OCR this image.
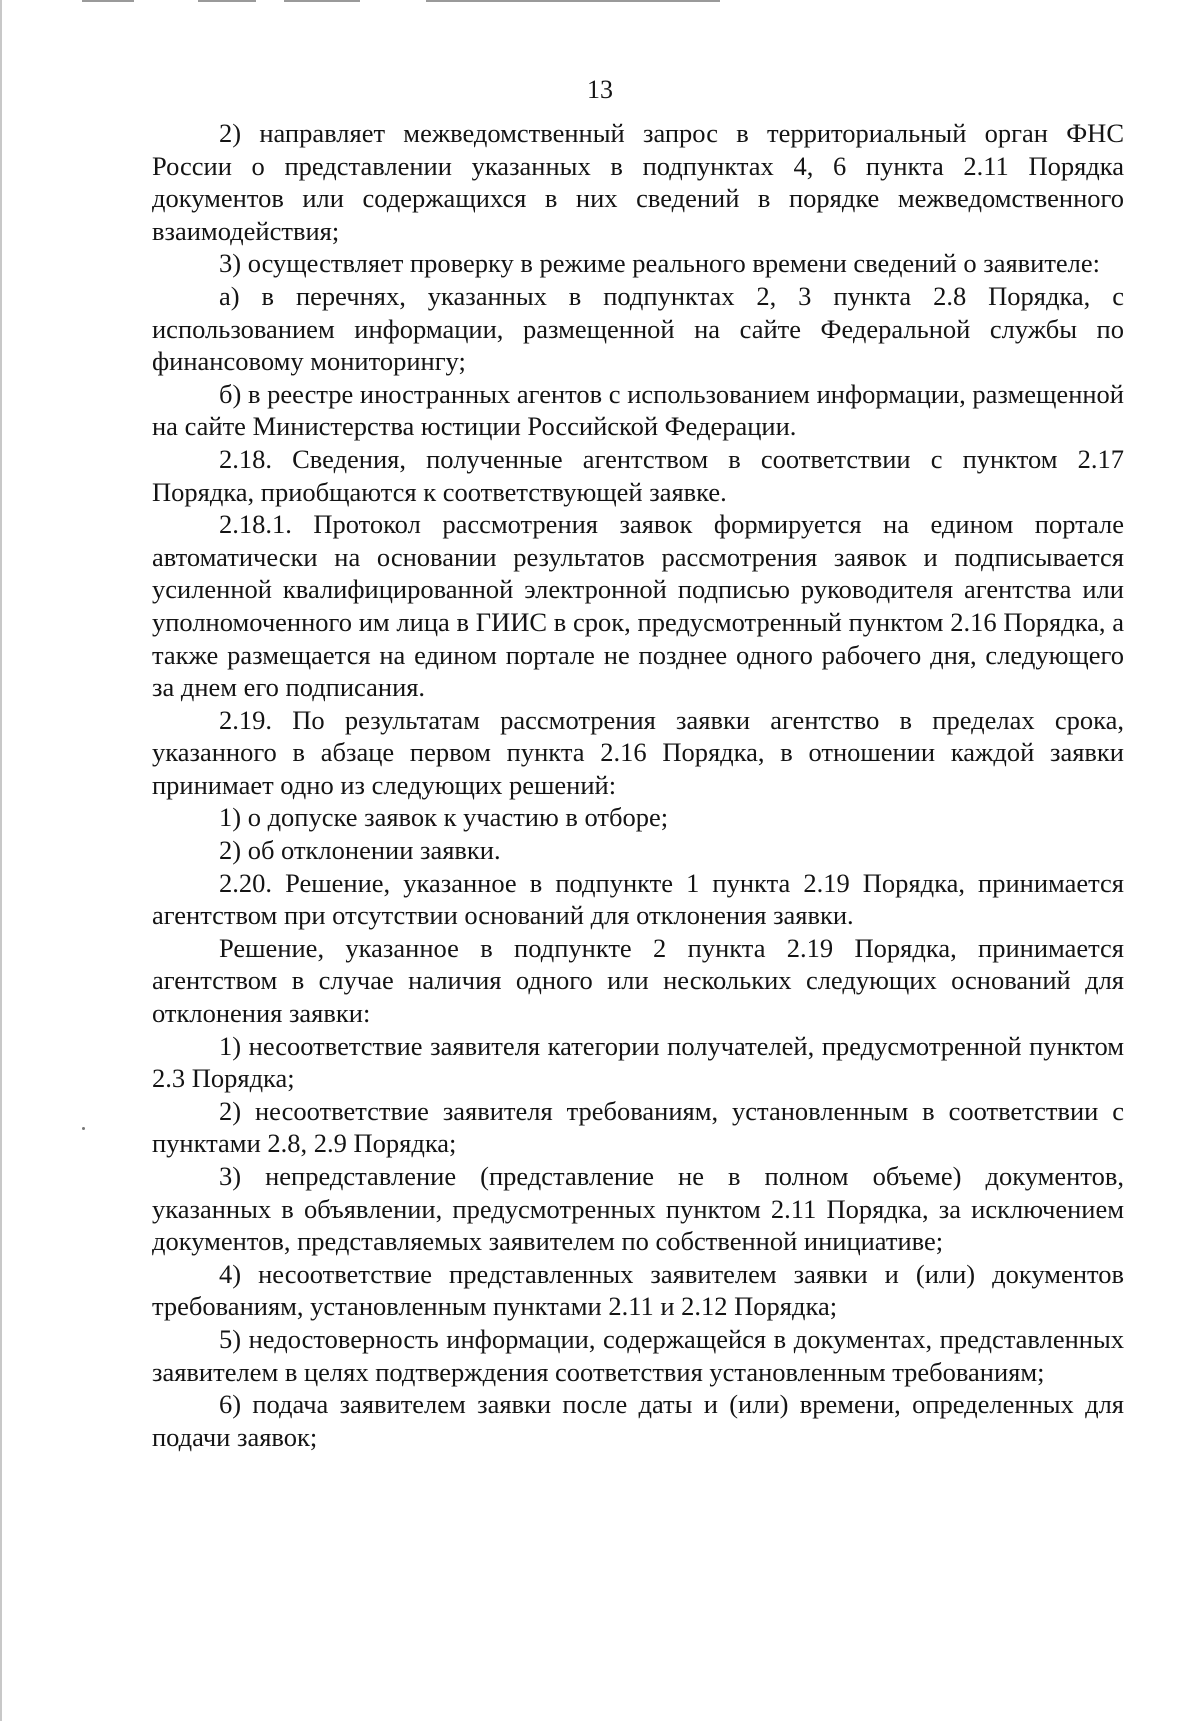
13

2) направляет межведомственный запрос в территориальный орган ФНС России о представлении указанных в подпунктах 4, 6 пункта 2.11 Порядка документов или содержащихся в них сведений в порядке межведомственного взаимодействия;

3) осуществляет проверку в режиме реального времени сведений о заявителе:

а) в перечнях, указанных в подпунктах 2, 3 пункта 2.8 Порядка, с использованием информации, размещенной на сайте Федеральной службы по финансовому мониторингу;

б) в реестре иностранных агентов с использованием информации, размещенной на сайте Министерства юстиции Российской Федерации.

2.18. Сведения, полученные агентством в соответствии с пунктом 2.17 Порядка, приобщаются к соответствующей заявке.

2.18.1. Протокол рассмотрения заявок формируется на едином портале автоматически на основании результатов рассмотрения заявок и подписывается усиленной квалифицированной электронной подписью руководителя агентства или уполномоченного им лица в ГИИС в срок, предусмотренный пунктом 2.16 Порядка, а также размещается на едином портале не позднее одного рабочего дня, следующего за днем его подписания.

2.19. По результатам рассмотрения заявки агентство в пределах срока, указанного в абзаце первом пункта 2.16 Порядка, в отношении каждой заявки принимает одно из следующих решений:

1) о допуске заявок к участию в отборе;

2) об отклонении заявки.

2.20. Решение, указанное в подпункте 1 пункта 2.19 Порядка, принимается агентством при отсутствии оснований для отклонения заявки.

Решение, указанное в подпункте 2 пункта 2.19 Порядка, принимается агентством в случае наличия одного или нескольких следующих оснований для отклонения заявки:

1) несоответствие заявителя категории получателей, предусмотренной пунктом 2.3 Порядка;

2) несоответствие заявителя требованиям, установленным в соответствии с пунктами 2.8, 2.9 Порядка;

3) непредставление (представление не в полном объеме) документов, указанных в объявлении, предусмотренных пунктом 2.11 Порядка, за исключением документов, представляемых заявителем по собственной инициативе;

4) несоответствие представленных заявителем заявки и (или) документов требованиям, установленным пунктами 2.11 и 2.12 Порядка;

5) недостоверность информации, содержащейся в документах, представленных заявителем в целях подтверждения соответствия установленным требованиям;

6) подача заявителем заявки после даты и (или) времени, определенных для подачи заявок;
